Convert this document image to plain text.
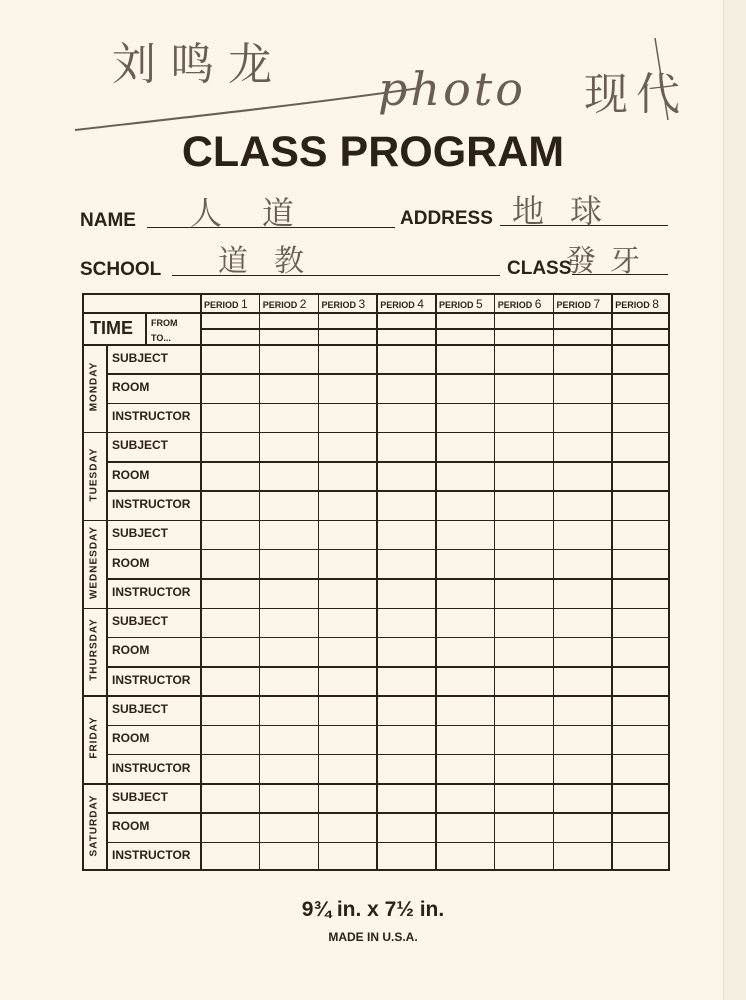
刘鸣龙 photo 现代
CLASS PROGRAM
NAME 人道	ADDRESS 地球
SCHOOL 道教	CLASS
發牙
TIME FROM
TO...
9¾ in. x 7½ in.
MADE IN U.S.A.
MONDAY
SUBJECT
ROOM
INSTRUCTOR
TUESDAY
SUBJECT
ROOM
INSTRUCTOR
WEDNESDAY SUBJECT
ROOM
INSTRUCTOR
THURSDAY SUBJECT
ROOM
INSTRUCTOR
FRIDAY
SUBJECT
ROOM
INSTRUCTOR
SATURDAY SUBJECT
ROOM
INSTRUCTOR
PERIOD 1 PERIOD 2 PERIOD 3 PERIOD 4 PERIOD 5 PERIOD 6 PERIOD 7 PERIOD 8
